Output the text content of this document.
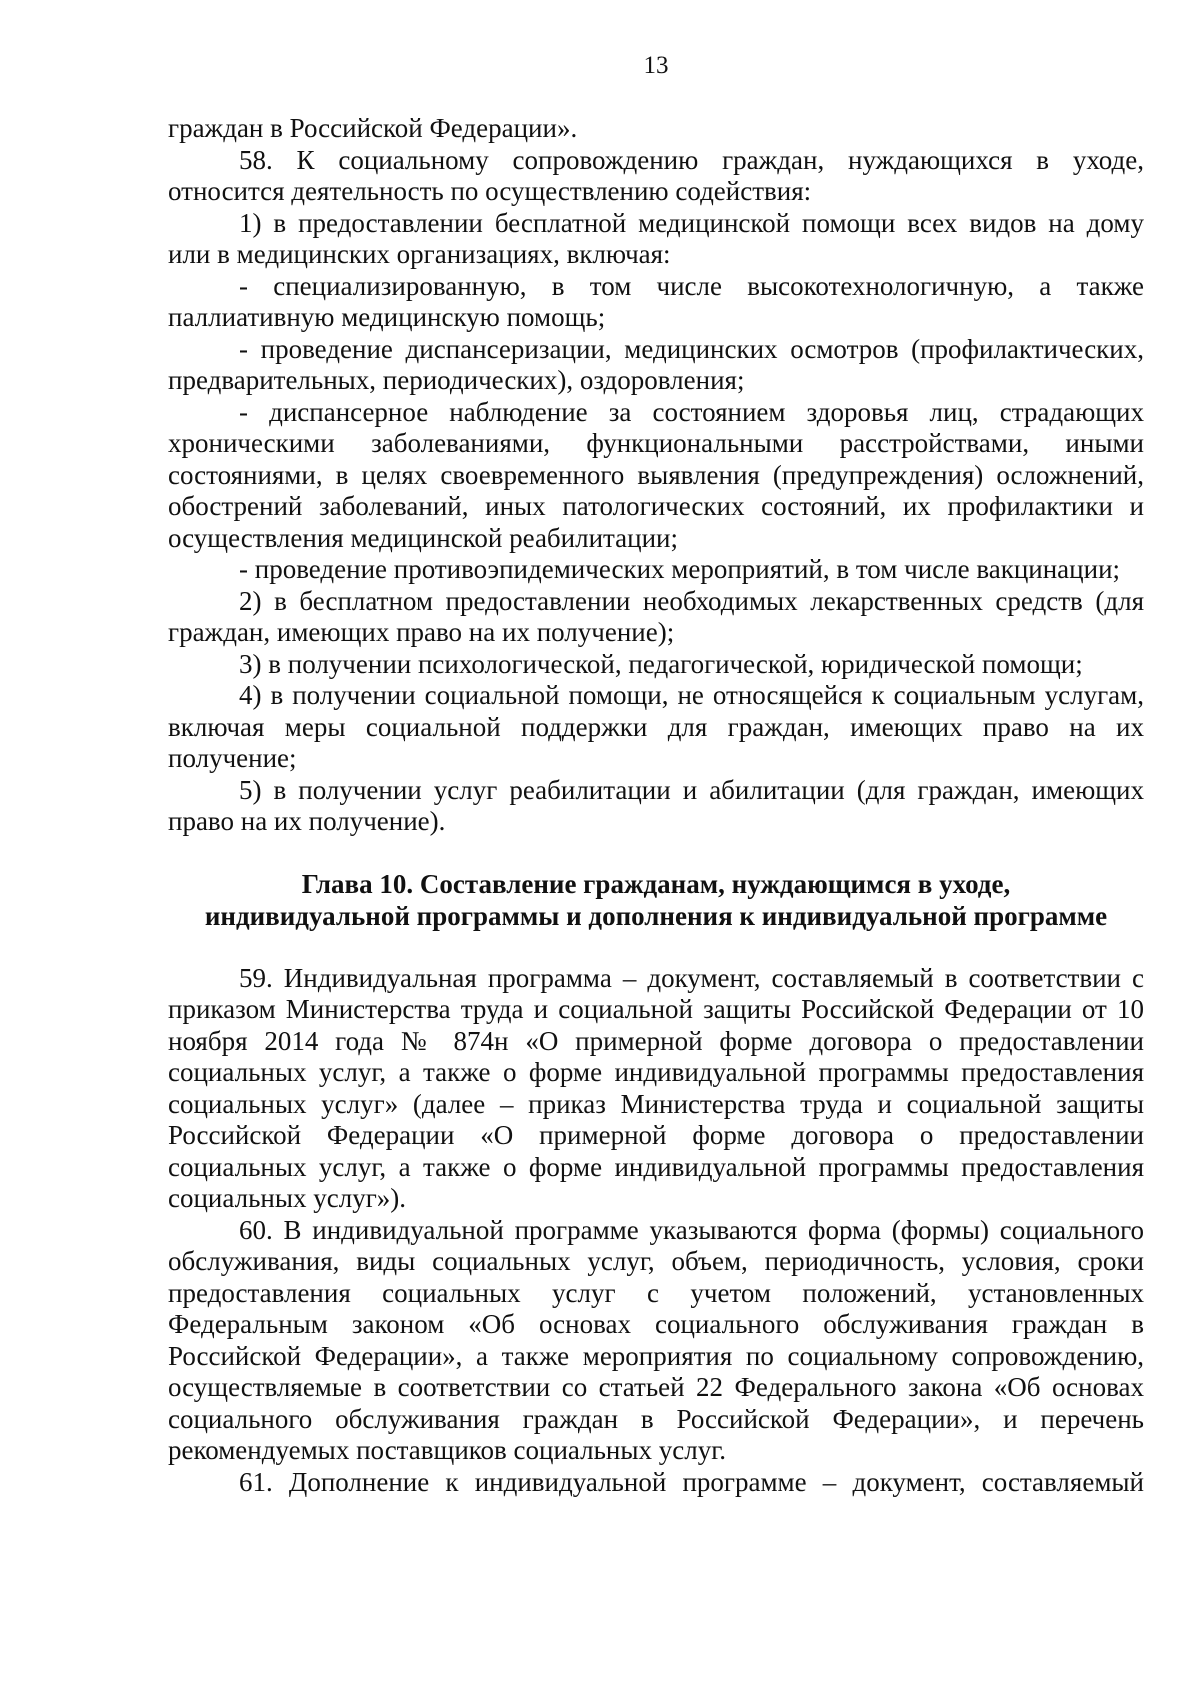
13

граждан в Российской Федерации».

58. К социальному сопровождению граждан, нуждающихся в уходе, относится деятельность по осуществлению содействия:

1) в предоставлении бесплатной медицинской помощи всех видов на дому или в медицинских организациях, включая:

- специализированную, в том числе высокотехнологичную, а также паллиативную медицинскую помощь;

- проведение диспансеризации, медицинских осмотров (профилактических, предварительных, периодических), оздоровления;

- диспансерное наблюдение за состоянием здоровья лиц, страдающих хроническими заболеваниями, функциональными расстройствами, иными состояниями, в целях своевременного выявления (предупреждения) осложнений, обострений заболеваний, иных патологических состояний, их профилактики и осуществления медицинской реабилитации;

- проведение противоэпидемических мероприятий, в том числе вакцинации;

2) в бесплатном предоставлении необходимых лекарственных средств (для граждан, имеющих право на их получение);

3) в получении психологической, педагогической, юридической помощи;

4) в получении социальной помощи, не относящейся к социальным услугам, включая меры социальной поддержки для граждан, имеющих право на их получение;

5) в получении услуг реабилитации и абилитации (для граждан, имеющих право на их получение).

Глава 10. Составление гражданам, нуждающимся в уходе,
индивидуальной программы и дополнения к индивидуальной программе

59. Индивидуальная программа – документ, составляемый в соответствии с приказом Министерства труда и социальной защиты Российской Федерации от 10 ноября 2014 года № 874н «О примерной форме договора о предоставлении социальных услуг, а также о форме индивидуальной программы предоставления социальных услуг» (далее – приказ Министерства труда и социальной защиты Российской Федерации «О примерной форме договора о предоставлении социальных услуг, а также о форме индивидуальной программы предоставления социальных услуг»).

60. В индивидуальной программе указываются форма (формы) социального обслуживания, виды социальных услуг, объем, периодичность, условия, сроки предоставления социальных услуг с учетом положений, установленных Федеральным законом «Об основах социального обслуживания граждан в Российской Федерации», а также мероприятия по социальному сопровождению, осуществляемые в соответствии со статьей 22 Федерального закона «Об основах социального обслуживания граждан в Российской Федерации», и перечень рекомендуемых поставщиков социальных услуг.

61. Дополнение к индивидуальной программе – документ, составляемый
